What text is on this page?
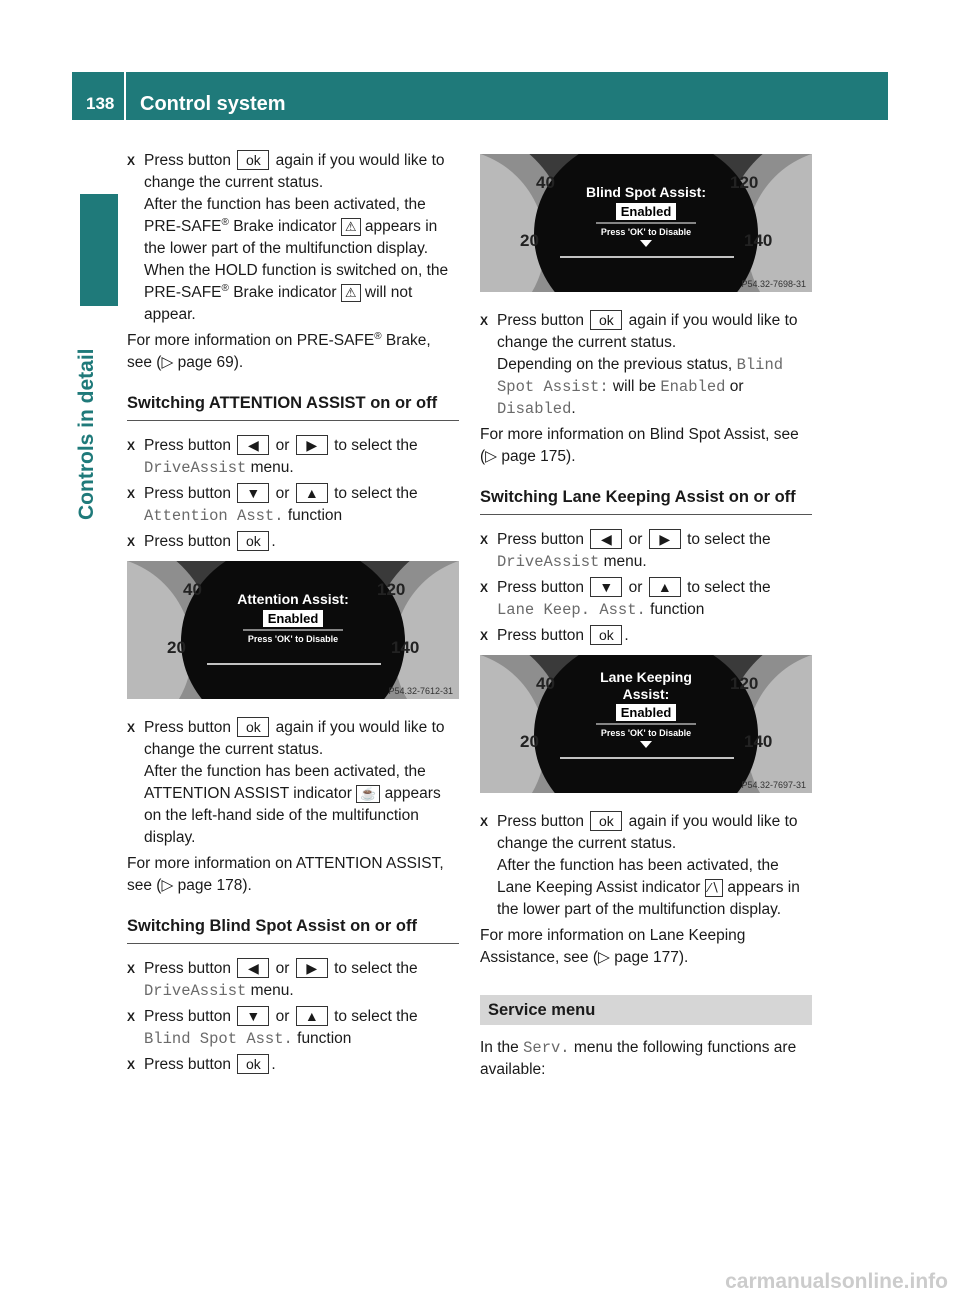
138	Control system
Controls in detail
X Press button ok again if you would like to change the current status.
After the function has been activated, the PRE-SAFE® Brake indicator ⚠ appears in the lower part of the multifunction display. When the HOLD function is switched on, the PRE-SAFE® Brake indicator ⚠ will not appear.
For more information on PRE-SAFE® Brake, see (▷ page 69).
Switching ATTENTION ASSIST on or off
X Press button ◀ or ▶ to select the
DriveAssist menu.
X Press button ▼ or ▲ to select the
Attention Asst. function
X Press button ok .
40
20
120
140
Attention Assist:
Enabled
Press 'OK' to Disable
P54.32-7612-31
X Press button ok again if you would like to change the current status.
After the function has been activated, the ATTENTION ASSIST indicator ☕ appears on the left-hand side of the multifunction display.
For more information on ATTENTION ASSIST, see (▷ page 178).
Switching Blind Spot Assist on or off
X Press button ◀ or ▶ to select the
DriveAssist menu.
X Press button ▼ or ▲ to select the
Blind Spot Asst. function
X Press button ok .
40
20
120
140
Blind Spot Assist:
Enabled
Press 'OK' to Disable
P54.32-7698-31
X Press button ok again if you would like to change the current status.
Depending on the previous status, Blind Spot Assist: will be Enabled or Disabled.
For more information on Blind Spot Assist, see (▷ page 175).
Switching Lane Keeping Assist on or off
X Press button ◀ or ▶ to select the
DriveAssist menu.
X Press button ▼ or ▲ to select the
Lane Keep. Asst. function
X Press button ok .
40
20
120
140
Lane Keeping
Assist:
Enabled
Press 'OK' to Disable
P54.32-7697-31
X Press button ok again if you would like to change the current status.
After the function has been activated, the Lane Keeping Assist indicator ∕∖ appears in the lower part of the multifunction display.
For more information on Lane Keeping Assistance, see (▷ page 177).
Service menu
In the Serv. menu the following functions are available:
carmanualsonline.info
